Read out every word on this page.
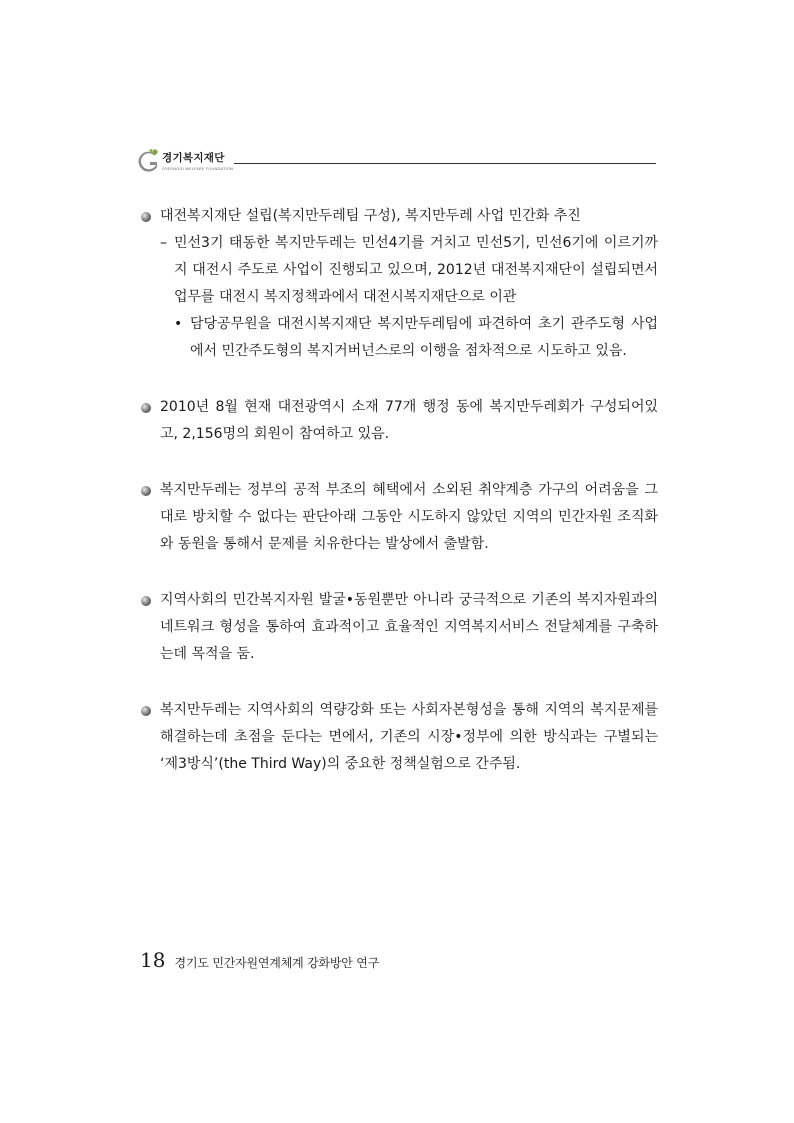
경기복지재단
GYEONGGI WELFARE FOUNDATION
대전복지재단 설립(복지만두레팀 구성), 복지만두레 사업 민간화 추진
– 민선3기 태동한 복지만두레는 민선4기를 거치고 민선5기, 민선6기에 이르기까지 대전시 주도로 사업이 진행되고 있으며, 2012년 대전복지재단이 설립되면서 업무를 대전시 복지정책과에서 대전시복지재단으로 이관
• 담당공무원을 대전시복지재단 복지만두레팀에 파견하여 초기 관주도형 사업에서 민간주도형의 복지거버넌스로의 이행을 점차적으로 시도하고 있음.
2010년 8월 현재 대전광역시 소재 77개 행정 동에 복지만두레회가 구성되어있고, 2,156명의 회원이 참여하고 있음.
복지만두레는 정부의 공적 부조의 혜택에서 소외된 취약계층 가구의 어려움을 그대로 방치할 수 없다는 판단아래 그동안 시도하지 않았던 지역의 민간자원 조직화와 동원을 통해서 문제를 치유한다는 발상에서 출발함.
지역사회의 민간복지자원 발굴•동원뿐만 아니라 궁극적으로 기존의 복지자원과의 네트워크 형성을 통하여 효과적이고 효율적인 지역복지서비스 전달체계를 구축하는데 목적을 둠.
복지만두레는 지역사회의 역량강화 또는 사회자본형성을 통해 지역의 복지문제를 해결하는데 초점을 둔다는 면에서, 기존의 시장•정부에 의한 방식과는 구별되는 ‘제3방식’(the Third Way)의 중요한 정책실험으로 간주됨.
18 경기도 민간자원연계체계 강화방안 연구
